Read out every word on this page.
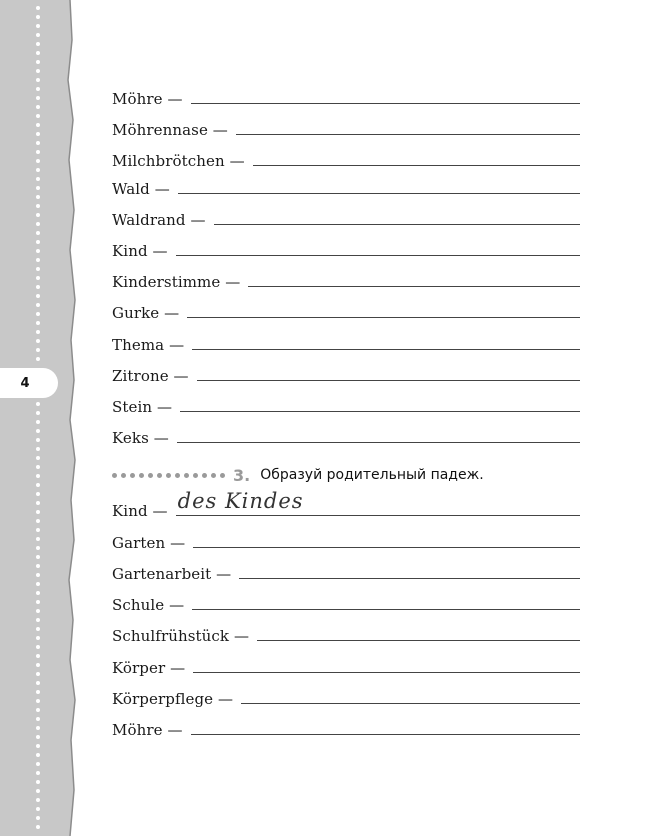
4
Möhre —
Möhrennase —
Milchbrötchen —
Wald —
Waldrand —
Kind —
Kinderstimme —
Gurke —
Thema —
Zitrone —
Stein —
Keks —
3. Образуй родительный падеж.
Kind — des Kindes
Garten —
Gartenarbeit —
Schule —
Schulfrühstück —
Körper —
Körperpflege —
Möhre —
